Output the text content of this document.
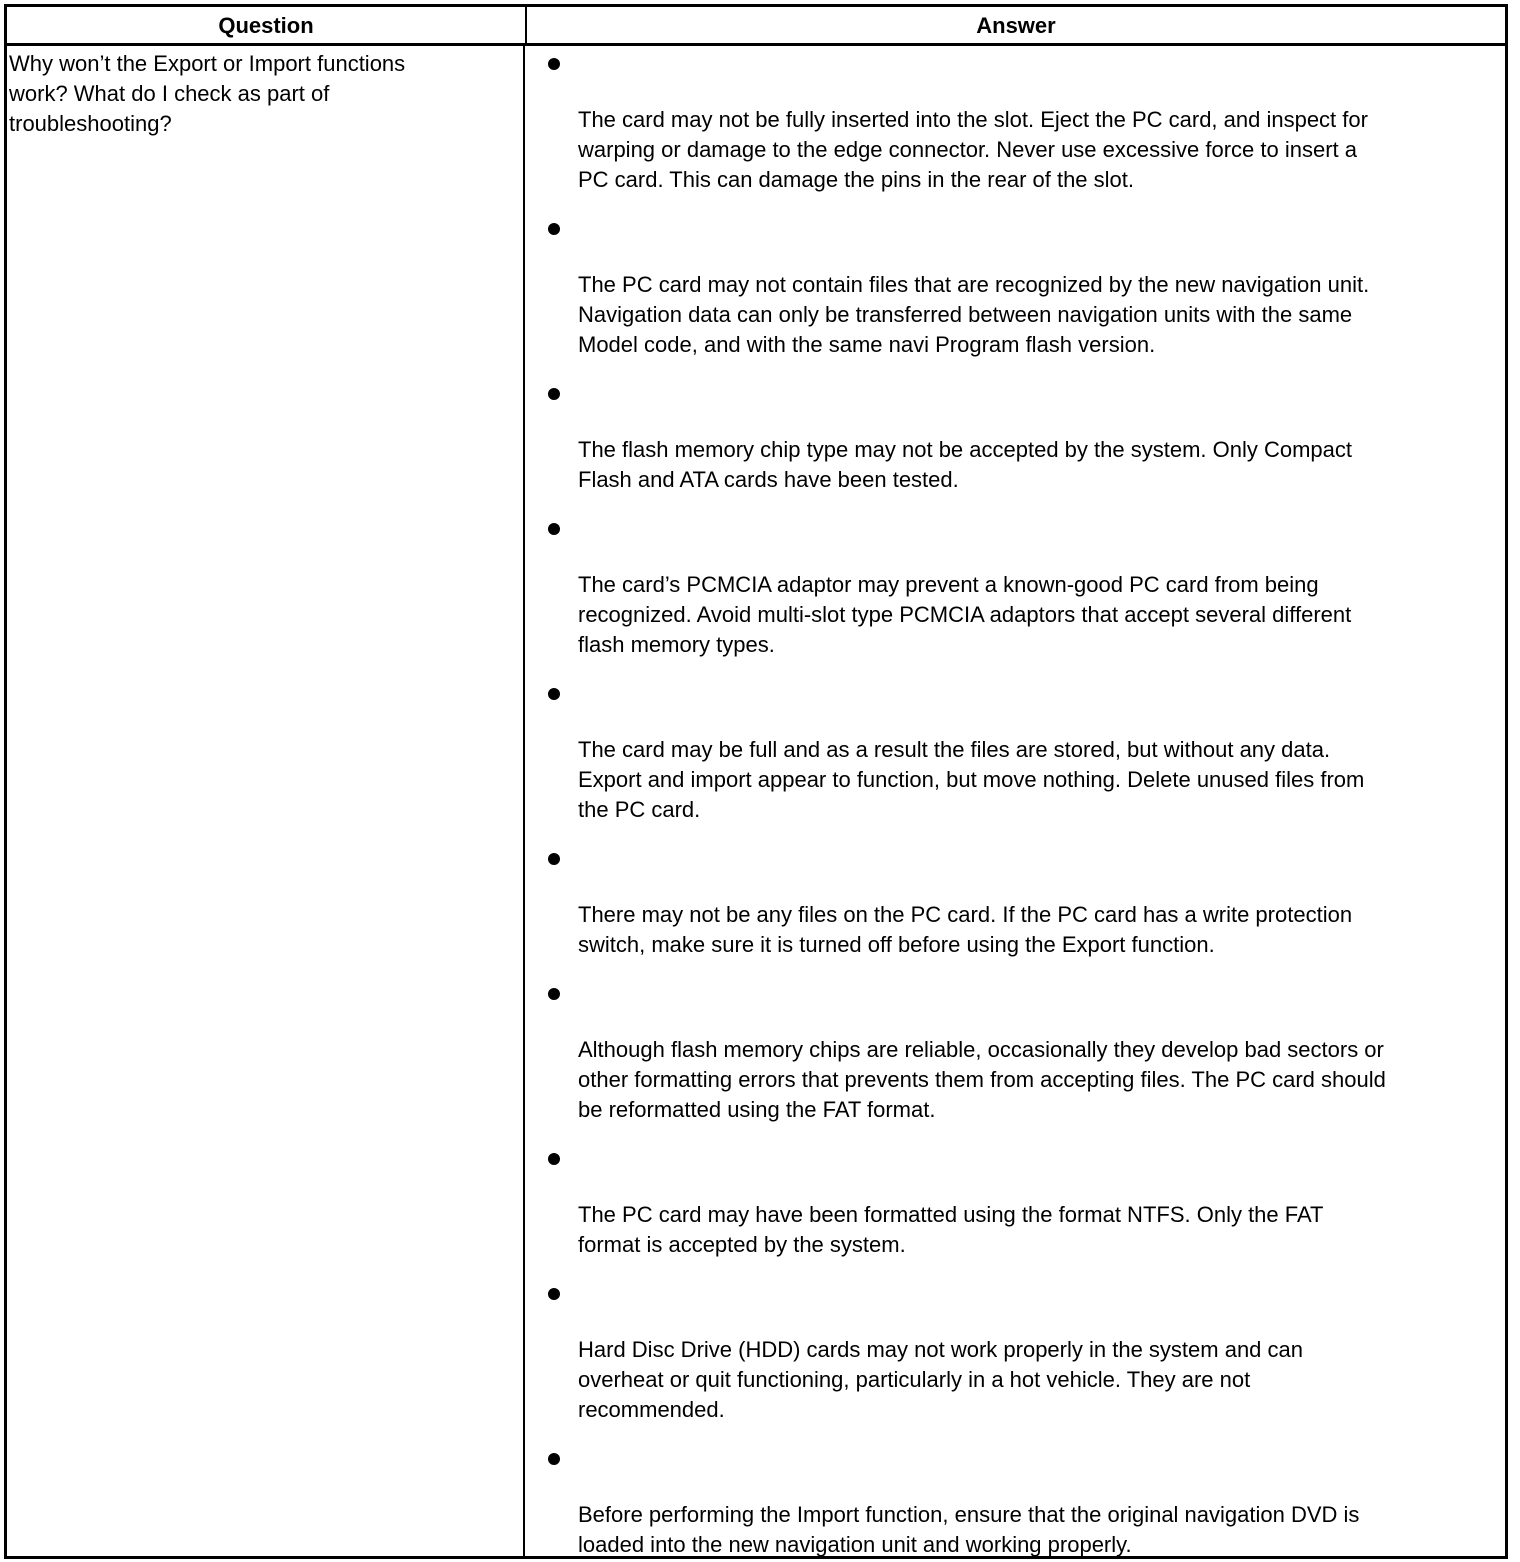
Question	Answer
Why won’t the Export or Import functions
work? What do I check as part of
troubleshooting?	The card may not be fully inserted into the slot. Eject the PC card, and inspect for
warping or damage to the edge connector. Never use excessive force to insert a
PC card. This can damage the pins in the rear of the slot.
The PC card may not contain files that are recognized by the new navigation unit.
Navigation data can only be transferred between navigation units with the same
Model code, and with the same navi Program flash version.
The flash memory chip type may not be accepted by the system. Only Compact
Flash and ATA cards have been tested.
The card’s PCMCIA adaptor may prevent a known-good PC card from being
recognized. Avoid multi-slot type PCMCIA adaptors that accept several different
flash memory types.
The card may be full and as a result the files are stored, but without any data.
Export and import appear to function, but move nothing. Delete unused files from
the PC card.
There may not be any files on the PC card. If the PC card has a write protection
switch, make sure it is turned off before using the Export function.
Although flash memory chips are reliable, occasionally they develop bad sectors or
other formatting errors that prevents them from accepting files. The PC card should
be reformatted using the FAT format.
The PC card may have been formatted using the format NTFS. Only the FAT
format is accepted by the system.
Hard Disc Drive (HDD) cards may not work properly in the system and can
overheat or quit functioning, particularly in a hot vehicle. They are not
recommended.
Before performing the Import function, ensure that the original navigation DVD is
loaded into the new navigation unit and working properly.
